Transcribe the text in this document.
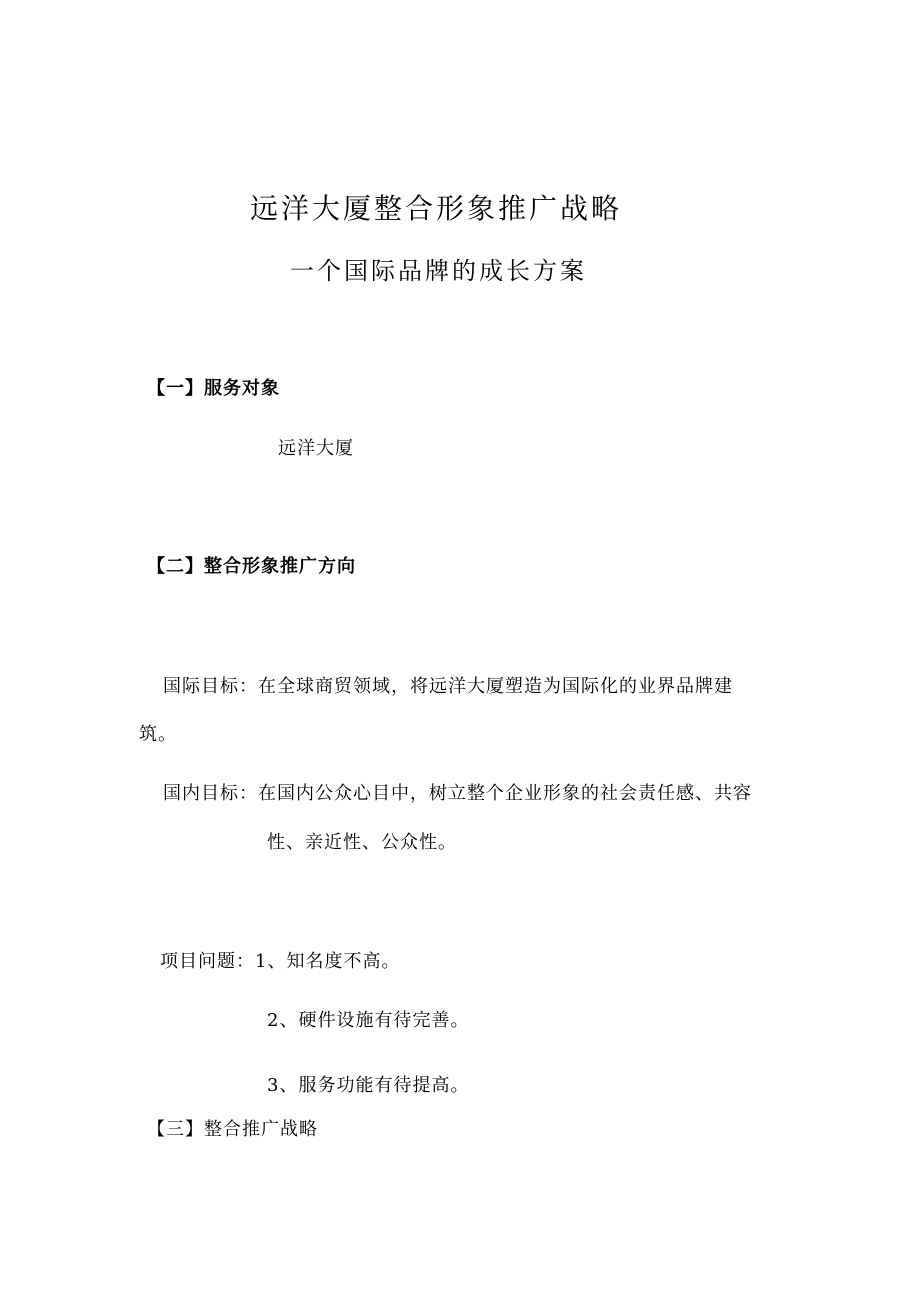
远洋大厦整合形象推广战略
一个国际品牌的成长方案
【一】服务对象
远洋大厦
【二】整合形象推广方向
国际目标：在全球商贸领域，将远洋大厦塑造为国际化的业界品牌建
筑。
国内目标：在国内公众心目中，树立整个企业形象的社会责任感、共容
性、亲近性、公众性。
项目问题：1、知名度不高。
2、硬件设施有待完善。
3、服务功能有待提高。
【三】整合推广战略
